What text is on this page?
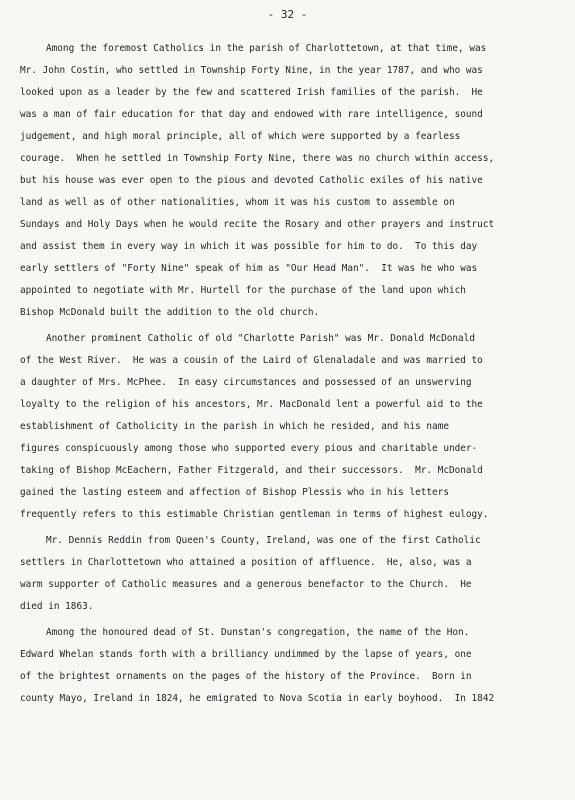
- 32 -
Among the foremost Catholics in the parish of Charlottetown, at that time, was
Mr. John Costin, who settled in Township Forty Nine, in the year 1787, and who was
looked upon as a leader by the few and scattered Irish families of the parish.  He
was a man of fair education for that day and endowed with rare intelligence, sound
judgement, and high moral principle, all of which were supported by a fearless
courage.  When he settled in Township Forty Nine, there was no church within access,
but his house was ever open to the pious and devoted Catholic exiles of his native
land as well as of other nationalities, whom it was his custom to assemble on
Sundays and Holy Days when he would recite the Rosary and other prayers and instruct
and assist them in every way in which it was possible for him to do.  To this day
early settlers of "Forty Nine" speak of him as "Our Head Man".  It was he who was
appointed to negotiate with Mr. Hurtell for the purchase of the land upon which
Bishop McDonald built the addition to the old church.
Another prominent Catholic of old "Charlotte Parish" was Mr. Donald McDonald
of the West River.  He was a cousin of the Laird of Glenaladale and was married to
a daughter of Mrs. McPhee.  In easy circumstances and possessed of an unswerving
loyalty to the religion of his ancestors, Mr. MacDonald lent a powerful aid to the
establishment of Catholicity in the parish in which he resided, and his name
figures conspicuously among those who supported every pious and charitable under-
taking of Bishop McEachern, Father Fitzgerald, and their successors.  Mr. McDonald
gained the lasting esteem and affection of Bishop Plessis who in his letters
frequently refers to this estimable Christian gentleman in terms of highest eulogy.
Mr. Dennis Reddin from Queen's County, Ireland, was one of the first Catholic
settlers in Charlottetown who attained a position of affluence.  He, also, was a
warm supporter of Catholic measures and a generous benefactor to the Church.  He
died in 1863.
Among the honoured dead of St. Dunstan's congregation, the name of the Hon.
Edward Whelan stands forth with a brilliancy undimmed by the lapse of years, one
of the brightest ornaments on the pages of the history of the Province.  Born in
county Mayo, Ireland in 1824, he emigrated to Nova Scotia in early boyhood.  In 1842
